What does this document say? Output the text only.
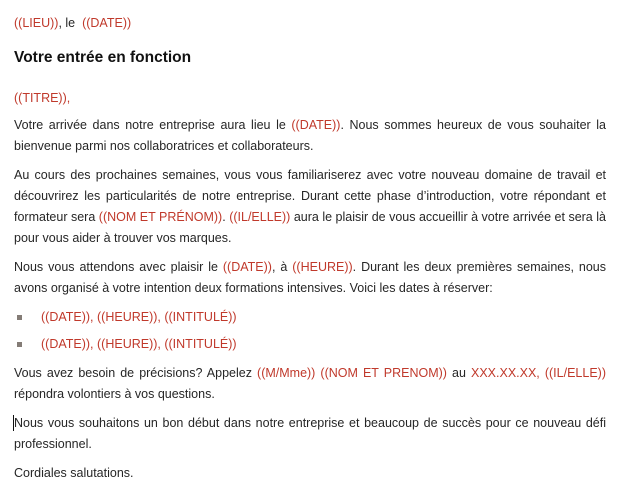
((LIEU)), le  ((DATE))

Votre entrée en fonction

((TITRE)),

Votre arrivée dans notre entreprise aura lieu le ((DATE)). Nous sommes heureux de vous souhaiter la bienvenue parmi nos collaboratrices et collaborateurs.

Au cours des prochaines semaines, vous vous familiariserez avec votre nouveau domaine de travail et découvrirez les particularités de notre entreprise. Durant cette phase d’introduction, votre répondant et formateur sera ((NOM ET PRÉNOM)). ((IL/ELLE)) aura le plaisir de vous accueillir à votre arrivée et sera là pour vous aider à trouver vos marques.

Nous vous attendons avec plaisir le ((DATE)), à ((HEURE)). Durant les deux premières semaines, nous avons organisé à votre intention deux formations intensives. Voici les dates à réserver:

((DATE)), ((HEURE)), ((INTITULÉ))
((DATE)), ((HEURE)), ((INTITULÉ))

Vous avez besoin de précisions? Appelez ((M/Mme)) ((NOM ET PRENOM)) au XXX.XX.XX, ((IL/ELLE)) répondra volontiers à vos questions.

Nous vous souhaitons un bon début dans notre entreprise et beaucoup de succès pour ce nouveau défi professionnel.

Cordiales salutations.
